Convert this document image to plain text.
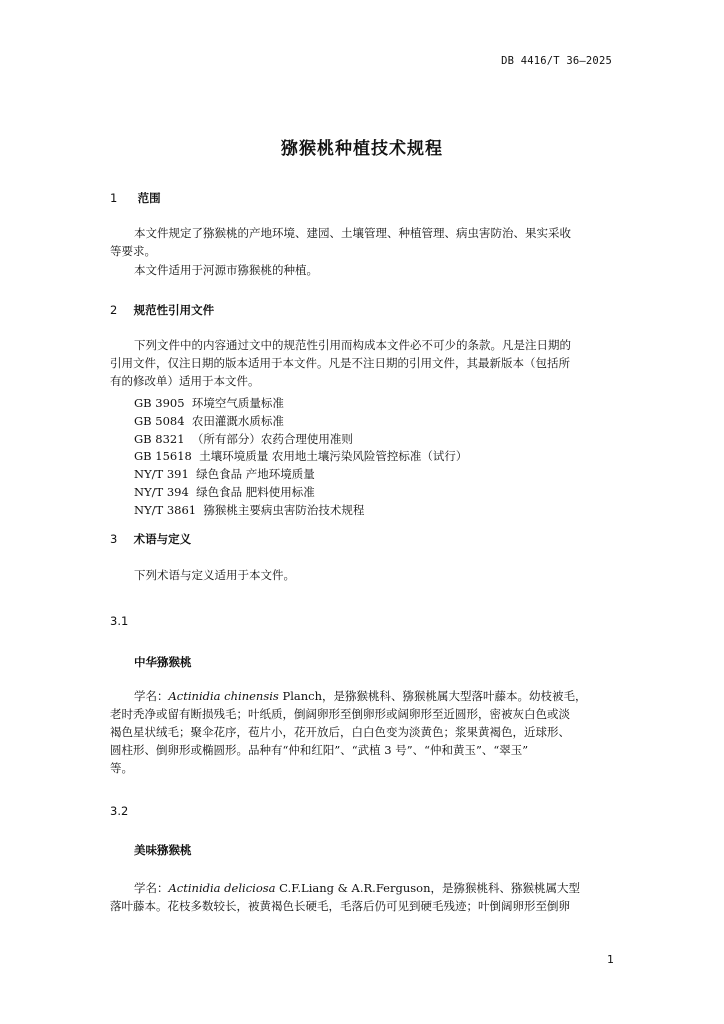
DB 4416/T 36—2025
猕猴桃种植技术规程
1 范围
本文件规定了猕猴桃的产地环境、建园、土壤管理、种植管理、病虫害防治、果实采收
等要求。
本文件适用于河源市猕猴桃的种植。
2 规范性引用文件
下列文件中的内容通过文中的规范性引用而构成本文件必不可少的条款。凡是注日期的
引用文件，仅注日期的版本适用于本文件。凡是不注日期的引用文件，其最新版本（包括所
有的修改单）适用于本文件。
GB 3905 环境空气质量标准
GB 5084 农田灌溉水质标准
GB 8321 （所有部分）农药合理使用准则
GB 15618 土壤环境质量 农用地土壤污染风险管控标准（试行）
NY/T 391 绿色食品 产地环境质量
NY/T 394 绿色食品 肥料使用标准
NY/T 3861 猕猴桃主要病虫害防治技术规程
3 术语与定义
下列术语与定义适用于本文件。
3.1
中华猕猴桃
学名：Actinidia chinensis Planch，是猕猴桃科、猕猴桃属大型落叶藤本。幼枝被毛，
老时秃净或留有断损残毛；叶纸质，倒阔卵形至倒卵形或阔卵形至近圆形，密被灰白色或淡
褐色星状绒毛；聚伞花序，苞片小，花开放后，白白色变为淡黄色；浆果黄褐色，近球形、
圆柱形、倒卵形或椭圆形。品种有“仲和红阳”、“武植 3 号”、“仲和黄玉”、“翠玉”
等。
3.2
美味猕猴桃
学名：Actinidia deliciosa C.F.Liang & A.R.Ferguson，是猕猴桃科、猕猴桃属大型
落叶藤本。花枝多数较长，被黄褐色长硬毛，毛落后仍可见到硬毛残迹；叶倒阔卵形至倒卵
1
